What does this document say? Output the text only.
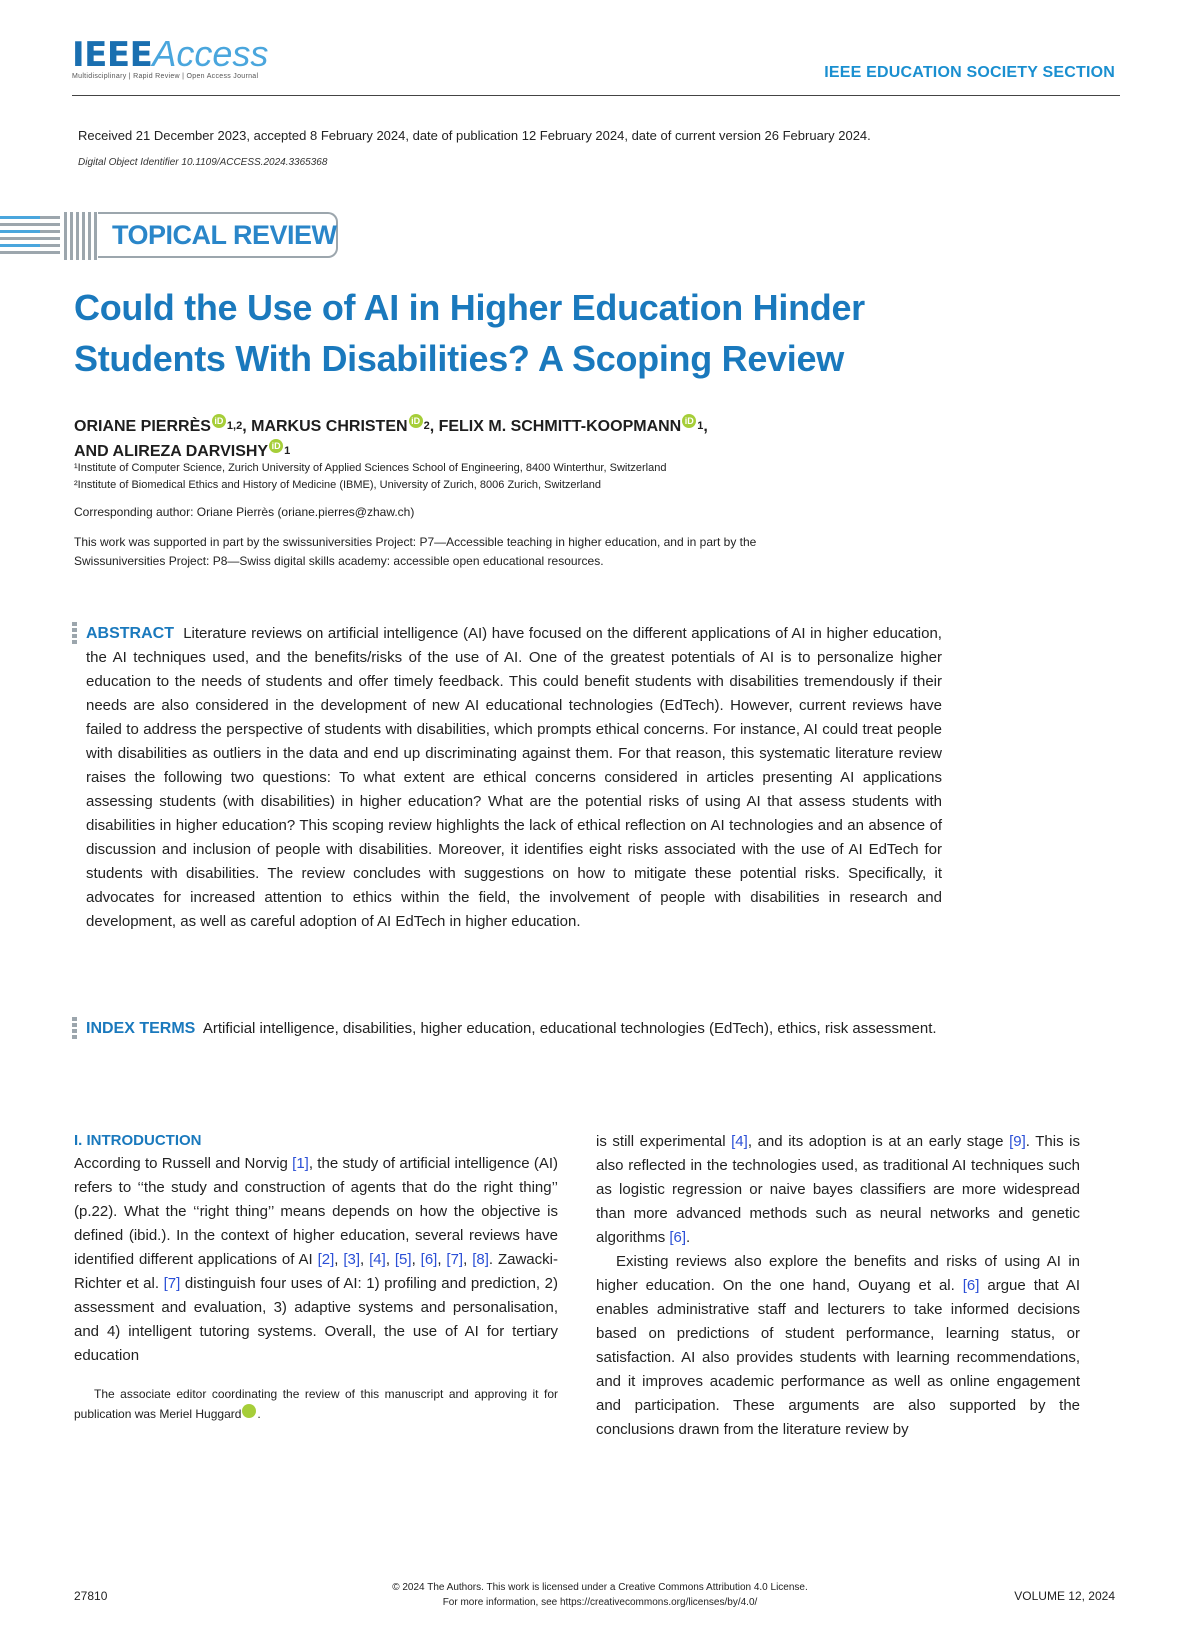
IEEEAccess
Multidisciplinary | Rapid Review | Open Access Journal	IEEE EDUCATION SOCIETY SECTION
Received 21 December 2023, accepted 8 February 2024, date of publication 12 February 2024, date of current version 26 February 2024.
Digital Object Identifier 10.1109/ACCESS.2024.3365368
TOPICAL REVIEW
Could the Use of AI in Higher Education Hinder
Students With Disabilities? A Scoping Review
ORIANE PIERRÈS iD $^{1,2}$, MARKUS CHRISTEN iD $^2$, FELIX M. SCHMITT-KOOPMANN iD $^1$,
AND ALIREZA DARVISHY iD $^1$
¹Institute of Computer Science, Zurich University of Applied Sciences School of Engineering, 8400 Winterthur, Switzerland
²Institute of Biomedical Ethics and History of Medicine (IBME), University of Zurich, 8006 Zurich, Switzerland
Corresponding author: Oriane Pierrès (oriane.pierres@zhaw.ch)
This work was supported in part by the swissuniversities Project: P7—Accessible teaching in higher education, and in part by the
Swissuniversities Project: P8—Swiss digital skills academy: accessible open educational resources.
ABSTRACT Literature reviews on artificial intelligence (AI) have focused on the different applications of AI in higher education, the AI techniques used, and the benefits/risks of the use of AI. One of the greatest potentials of AI is to personalize higher education to the needs of students and offer timely feedback. This could benefit students with disabilities tremendously if their needs are also considered in the development of new AI educational technologies (EdTech). However, current reviews have failed to address the perspective of students with disabilities, which prompts ethical concerns. For instance, AI could treat people with disabilities as outliers in the data and end up discriminating against them. For that reason, this systematic literature review raises the following two questions: To what extent are ethical concerns considered in articles presenting AI applications assessing students (with disabilities) in higher education? What are the potential risks of using AI that assess students with disabilities in higher education? This scoping review highlights the lack of ethical reflection on AI technologies and an absence of discussion and inclusion of people with disabilities. Moreover, it identifies eight risks associated with the use of AI EdTech for students with disabilities. The review concludes with suggestions on how to mitigate these potential risks. Specifically, it advocates for increased attention to ethics within the field, the involvement of people with disabilities in research and development, as well as careful adoption of AI EdTech in higher education.
INDEX TERMS Artificial intelligence, disabilities, higher education, educational technologies (EdTech), ethics, risk assessment.
I. INTRODUCTION

According to Russell and Norvig [1], the study of artificial intelligence (AI) refers to ‘‘the study and construction of agents that do the right thing’’ (p.22). What the ‘‘right thing’’ means depends on how the objective is defined (ibid.). In the context of higher education, several reviews have identified different applications of AI [2], [3], [4], [5], [6], [7], [8]. Zawacki-Richter et al. [7] distinguish four uses of AI: 1) profiling and prediction, 2) assessment and evaluation, 3) adaptive systems and personalisation, and 4) intelligent tutoring systems. Overall, the use of AI for tertiary education

The associate editor coordinating the review of this manuscript and approving it for publication was Meriel Huggard iD.

is still experimental [4], and its adoption is at an early stage [9]. This is also reflected in the technologies used, as traditional AI techniques such as logistic regression or naive bayes classifiers are more widespread than more advanced methods such as neural networks and genetic algorithms [6].

Existing reviews also explore the benefits and risks of using AI in higher education. On the one hand, Ouyang et al. [6] argue that AI enables administrative staff and lecturers to take informed decisions based on predictions of student performance, learning status, or satisfaction. AI also provides students with learning recommendations, and it improves academic performance as well as online engagement and participation. These arguments are also supported by the conclusions drawn from the literature review by

27810
© 2024 The Authors. This work is licensed under a Creative Commons Attribution 4.0 License.
For more information, see https://creativecommons.org/licenses/by/4.0/	VOLUME 12, 2024
